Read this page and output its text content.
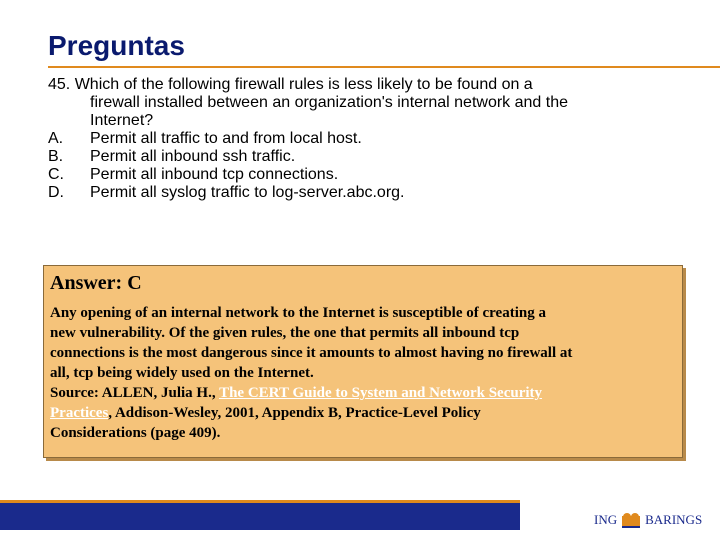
Preguntas
45.
Which of the following firewall rules is less likely to be found on a
firewall installed between an organization's internal network and the
Internet?
A.	Permit all traffic to and from local host.
B.	Permit all inbound ssh traffic.
C.	Permit all inbound tcp connections.
D.	Permit all syslog traffic to log-server.abc.org.
Answer: C
Any opening of an internal network to the Internet is susceptible of creating a
new vulnerability. Of the given rules, the one that permits all inbound tcp
connections is the most dangerous since it amounts to almost having no firewall at
all, tcp being widely used on the Internet.
Source: ALLEN, Julia H., The CERT Guide to System and Network Security
Practices, Addison-Wesley, 2001, Appendix B, Practice-Level Policy
Considerations (page 409).
ING BARINGS
